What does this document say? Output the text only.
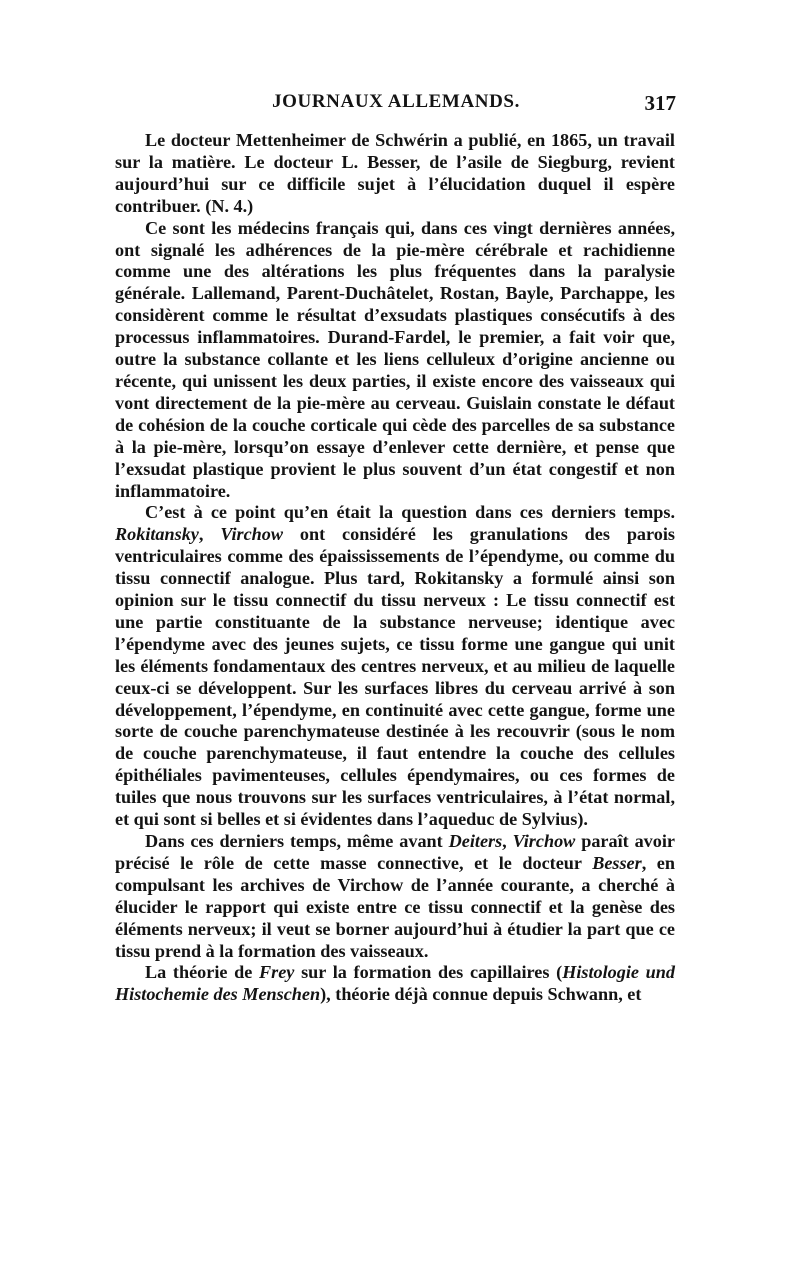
JOURNAUX ALLEMANDS.	317

Le docteur Mettenheimer de Schwérin a publié, en 1865, un travail sur la matière. Le docteur L. Besser, de l’asile de Siegburg, revient aujourd’hui sur ce difficile sujet à l’élucidation duquel il espère contribuer. (N. 4.)

Ce sont les médecins français qui, dans ces vingt dernières années, ont signalé les adhérences de la pie-mère cérébrale et rachidienne comme une des altérations les plus fréquentes dans la paralysie générale. Lallemand, Parent-Duchâtelet, Rostan, Bayle, Parchappe, les considèrent comme le résultat d’exsudats plastiques consécutifs à des processus inflammatoires. Durand-Fardel, le premier, a fait voir que, outre la substance collante et les liens celluleux d’origine ancienne ou récente, qui unissent les deux parties, il existe encore des vaisseaux qui vont directement de la pie-mère au cerveau. Guislain constate le défaut de cohésion de la couche corticale qui cède des parcelles de sa substance à la pie-mère, lorsqu’on essaye d’enlever cette dernière, et pense que l’exsudat plastique provient le plus souvent d’un état congestif et non inflammatoire.

C’est à ce point qu’en était la question dans ces derniers temps. Rokitansky, Virchow ont considéré les granulations des parois ventriculaires comme des épaississements de l’épendyme, ou comme du tissu connectif analogue. Plus tard, Rokitansky a formulé ainsi son opinion sur le tissu connectif du tissu nerveux : Le tissu connectif est une partie constituante de la substance nerveuse; identique avec l’épendyme avec des jeunes sujets, ce tissu forme une gangue qui unit les éléments fondamentaux des centres nerveux, et au milieu de laquelle ceux-ci se développent. Sur les surfaces libres du cerveau arrivé à son développement, l’épendyme, en continuité avec cette gangue, forme une sorte de couche parenchymateuse destinée à les recouvrir (sous le nom de couche parenchymateuse, il faut entendre la couche des cellules épithéliales pavimenteuses, cellules épendymaires, ou ces formes de tuiles que nous trouvons sur les surfaces ventriculaires, à l’état normal, et qui sont si belles et si évidentes dans l’aqueduc de Sylvius).

Dans ces derniers temps, même avant Deiters, Virchow paraît avoir précisé le rôle de cette masse connective, et le docteur Besser, en compulsant les archives de Virchow de l’année courante, a cherché à élucider le rapport qui existe entre ce tissu connectif et la genèse des éléments nerveux; il veut se borner aujourd’hui à étudier la part que ce tissu prend à la formation des vaisseaux.

La théorie de Frey sur la formation des capillaires (Histologie und Histochemie des Menschen), théorie déjà connue depuis Schwann, et
